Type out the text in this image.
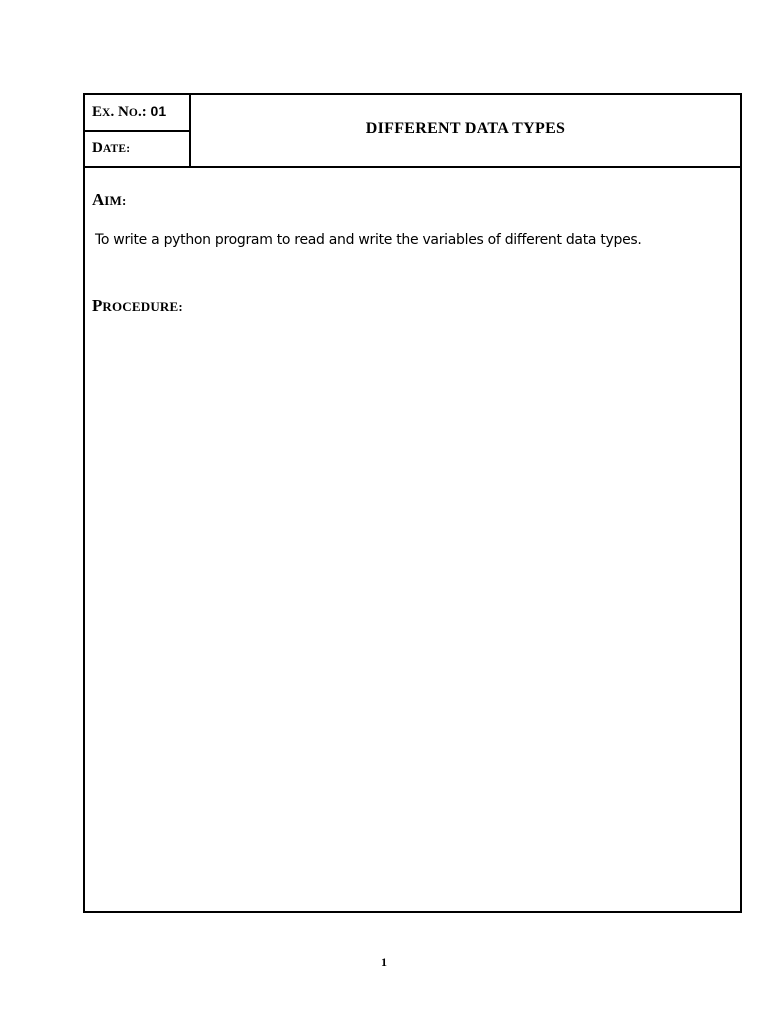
EX. NO.: 01
DATE:
DIFFERENT DATA TYPES
AIM:
To write a python program to read and write the variables of different data types.
PROCEDURE:
1
